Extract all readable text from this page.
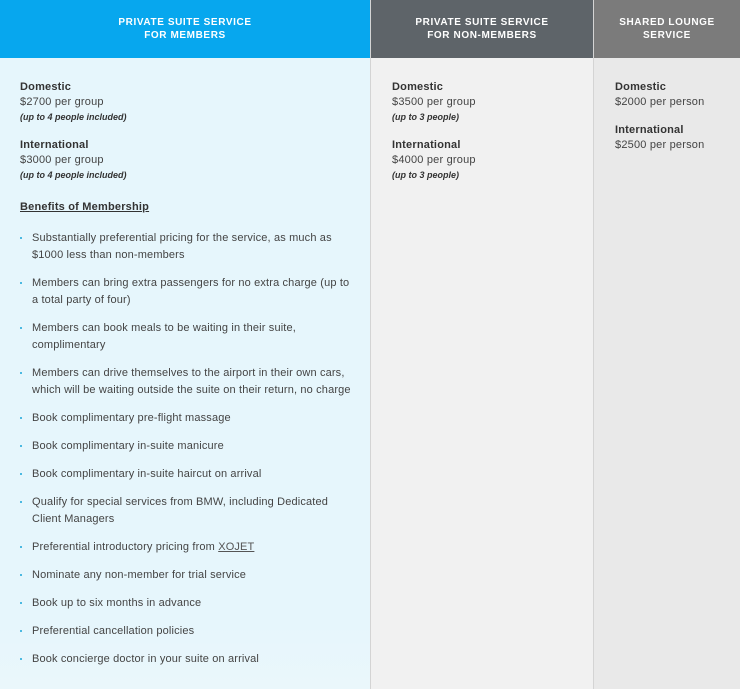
PRIVATE SUITE SERVICE
FOR MEMBERS
Domestic
$2700 per group
(up to 4 people included)
International
$3000 per group
(up to 4 people included)
Benefits of Membership
Substantially preferential pricing for the service, as much as $1000 less than non-members
Members can bring extra passengers for no extra charge (up to a total party of four)
Members can book meals to be waiting in their suite, complimentary
Members can drive themselves to the airport in their own cars, which will be waiting outside the suite on their return, no charge
Book complimentary pre-flight massage
Book complimentary in-suite manicure
Book complimentary in-suite haircut on arrival
Qualify for special services from BMW, including Dedicated Client Managers
Preferential introductory pricing from XOJET
Nominate any non-member for trial service
Book up to six months in advance
Preferential cancellation policies
Book concierge doctor in your suite on arrival
PRIVATE SUITE SERVICE
FOR NON-MEMBERS
Domestic
$3500 per group
(up to 3 people)
International
$4000 per group
(up to 3 people)
SHARED LOUNGE
SERVICE
Domestic
$2000 per person
International
$2500 per person
